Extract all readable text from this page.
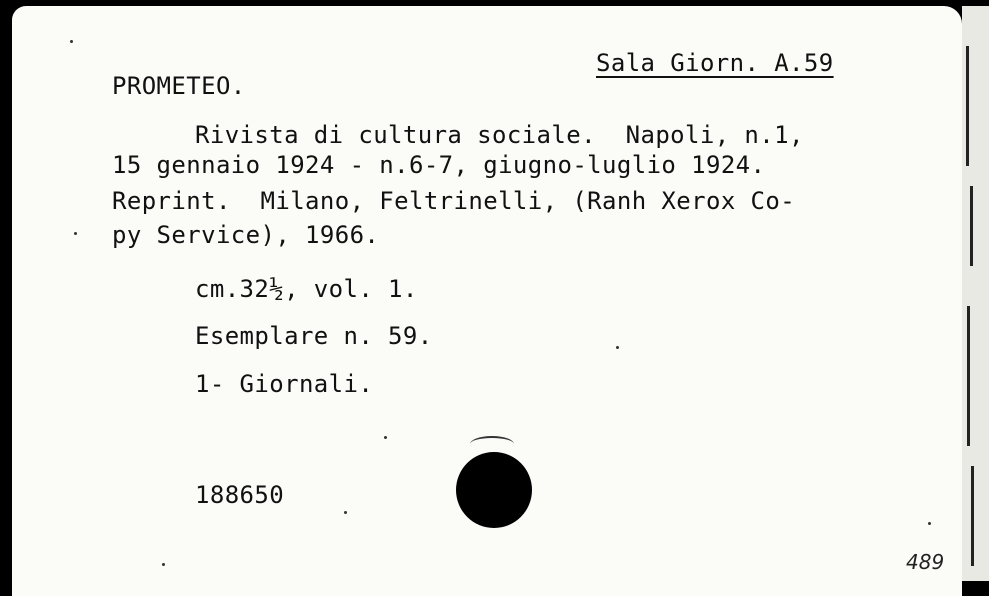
Sala Giorn. A.59
PROMETEO.
Rivista di cultura sociale.  Napoli, n.1,
15 gennaio 1924 - n.6-7, giugno-luglio 1924.
Reprint.  Milano, Feltrinelli, (Ranh Xerox Co-
py Service), 1966.
cm.32½, vol. 1.
Esemplare n. 59.
1- Giornali.
188650
489
